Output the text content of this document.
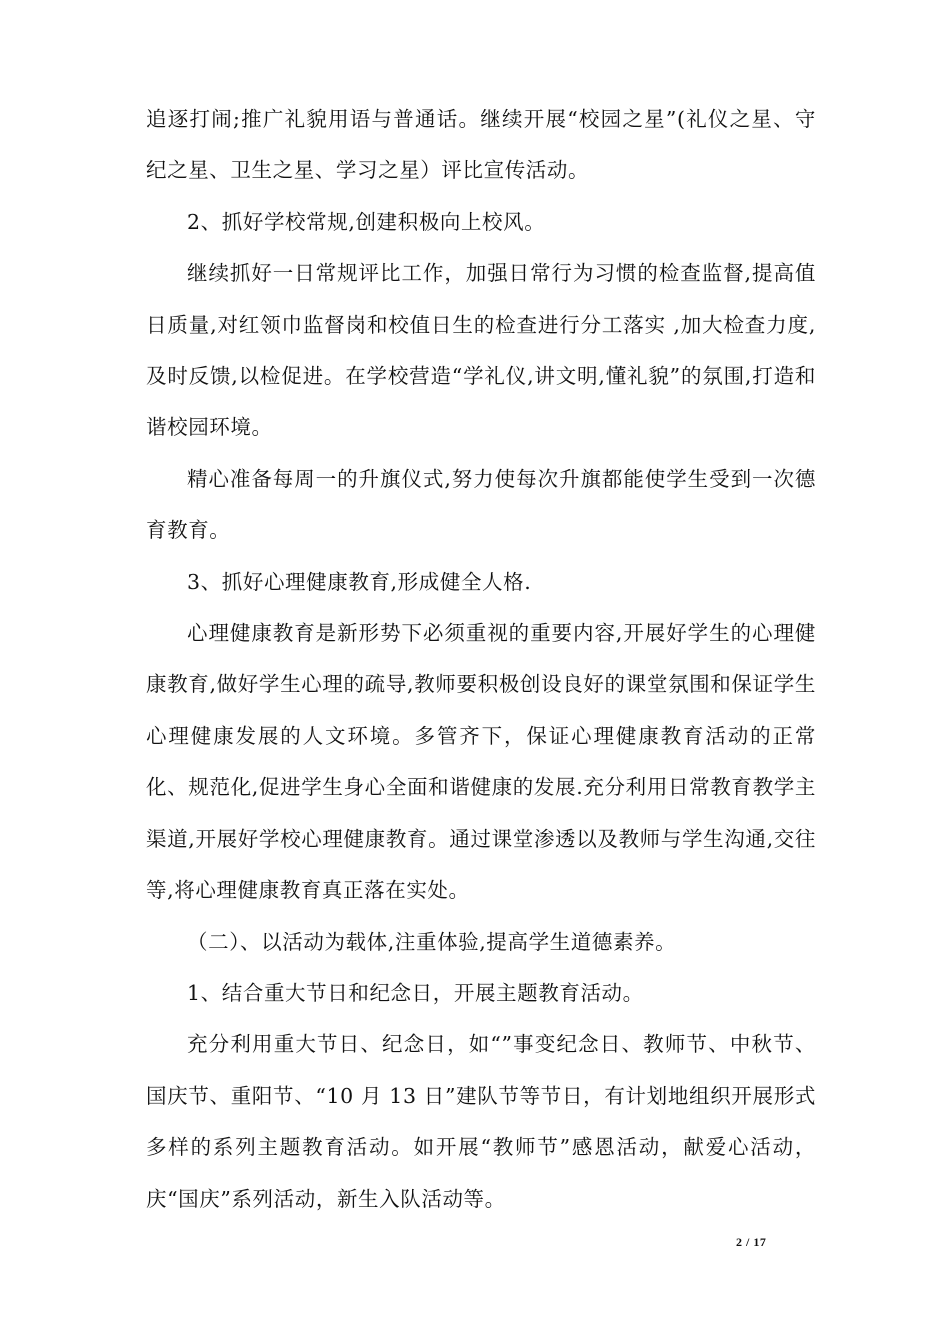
追逐打闹;推广礼貌用语与普通话。继续开展“校园之星”(礼仪之星、守纪之星、卫生之星、学习之星）评比宣传活动。

2、抓好学校常规,创建积极向上校风。

继续抓好一日常规评比工作，加强日常行为习惯的检查监督,提高值日质量,对红领巾监督岗和校值日生的检查进行分工落实 ,加大检查力度,及时反馈,以检促进。在学校营造“学礼仪,讲文明,懂礼貌”的氛围,打造和谐校园环境。

精心准备每周一的升旗仪式,努力使每次升旗都能使学生受到一次德育教育。

3、抓好心理健康教育,形成健全人格.

心理健康教育是新形势下必须重视的重要内容,开展好学生的心理健康教育,做好学生心理的疏导,教师要积极创设良好的课堂氛围和保证学生心理健康发展的人文环境。多管齐下，保证心理健康教育活动的正常化、规范化,促进学生身心全面和谐健康的发展.充分利用日常教育教学主渠道,开展好学校心理健康教育。通过课堂渗透以及教师与学生沟通,交往等,将心理健康教育真正落在实处。

（二）、以活动为载体,注重体验,提高学生道德素养。

1、结合重大节日和纪念日，开展主题教育活动。

充分利用重大节日、纪念日，如“”事变纪念日、教师节、中秋节、国庆节、重阳节、“10 月 13 日”建队节等节日，有计划地组织开展形式多样的系列主题教育活动。如开展“教师节”感恩活动，献爱心活动，庆“国庆”系列活动，新生入队活动等。

2 / 17
